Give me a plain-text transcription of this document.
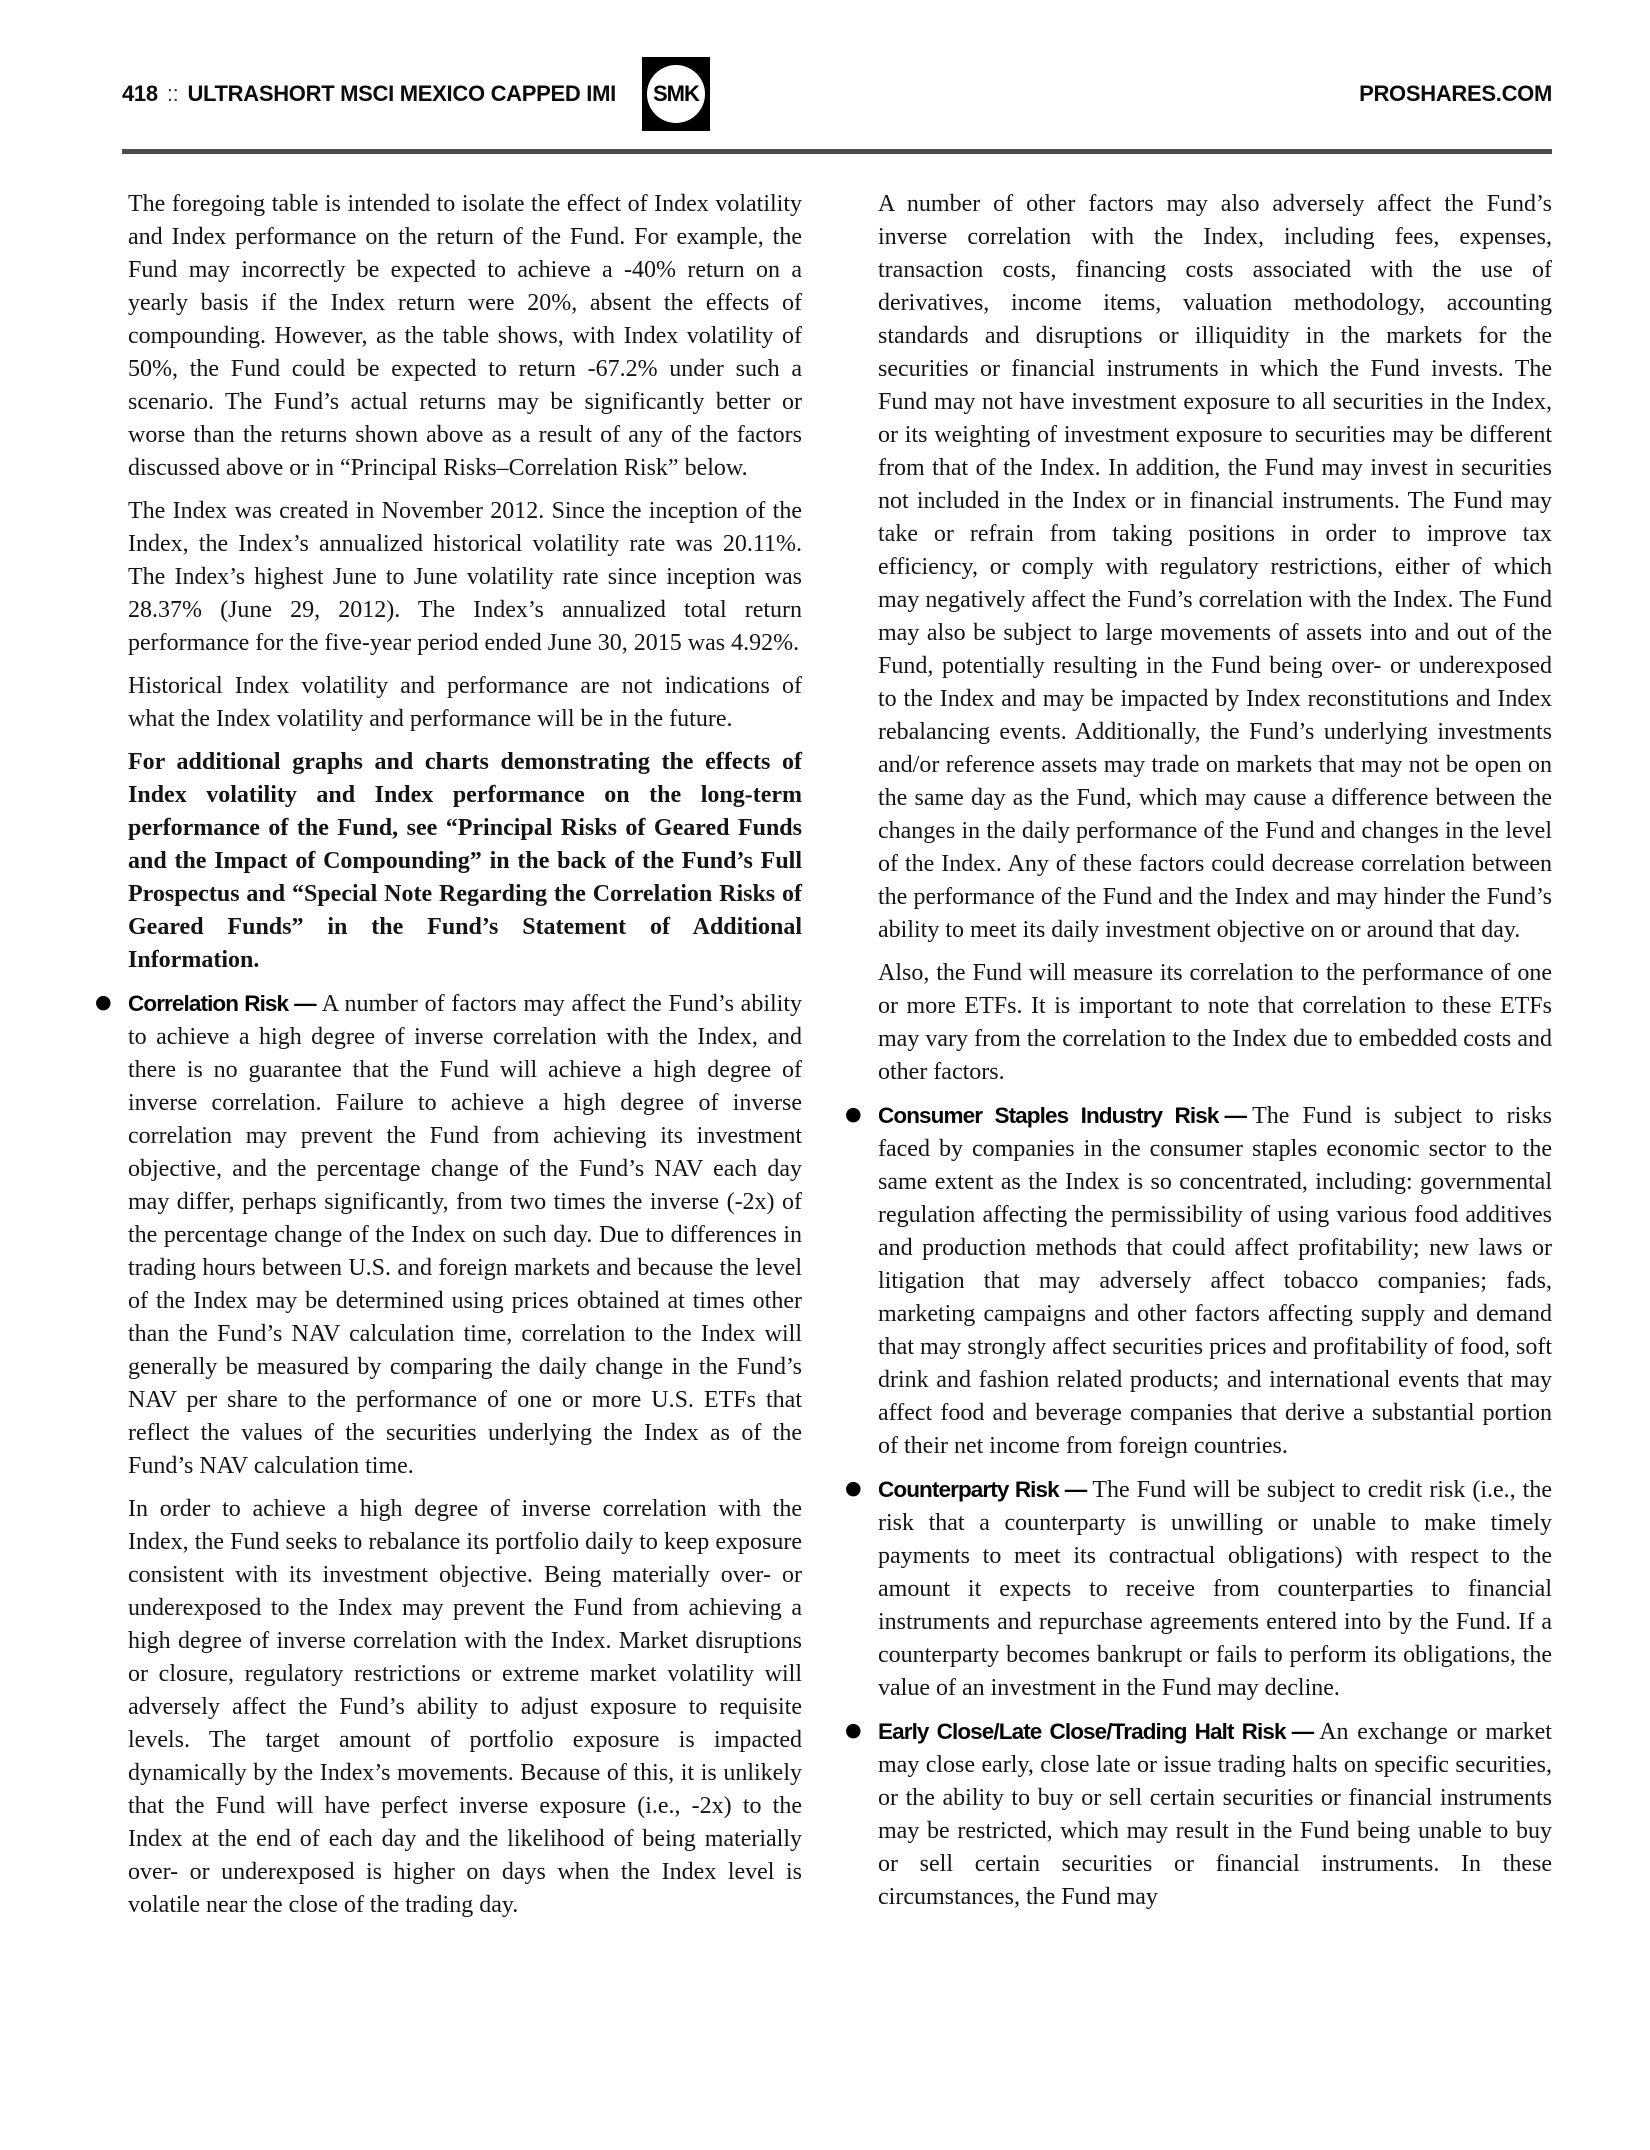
418 :: ULTRASHORT MSCI MEXICO CAPPED IMI SMK	PROSHARES.COM

The foregoing table is intended to isolate the effect of Index volatility and Index performance on the return of the Fund. For example, the Fund may incorrectly be expected to achieve a -40% return on a yearly basis if the Index return were 20%, absent the effects of compounding. However, as the table shows, with Index volatility of 50%, the Fund could be expected to return -67.2% under such a scenario. The Fund’s actual returns may be significantly better or worse than the returns shown above as a result of any of the factors discussed above or in “Principal Risks–Correlation Risk” below.

The Index was created in November 2012. Since the inception of the Index, the Index’s annualized historical volatility rate was 20.11%. The Index’s highest June to June volatility rate since inception was 28.37% (June 29, 2012). The Index’s annualized total return performance for the five-year period ended June 30, 2015 was 4.92%.

Historical Index volatility and performance are not indications of what the Index volatility and performance will be in the future.

For additional graphs and charts demonstrating the effects of Index volatility and Index performance on the long-term performance of the Fund, see “Principal Risks of Geared Funds and the Impact of Compounding” in the back of the Fund’s Full Prospectus and “Special Note Regarding the Correlation Risks of Geared Funds” in the Fund’s Statement of Additional Information.

● Correlation Risk — A number of factors may affect the Fund’s ability to achieve a high degree of inverse correlation with the Index, and there is no guarantee that the Fund will achieve a high degree of inverse correlation. Failure to achieve a high degree of inverse correlation may prevent the Fund from achieving its investment objective, and the percentage change of the Fund’s NAV each day may differ, perhaps significantly, from two times the inverse (-2x) of the percentage change of the Index on such day. Due to differences in trading hours between U.S. and foreign markets and because the level of the Index may be determined using prices obtained at times other than the Fund’s NAV calculation time, correlation to the Index will generally be measured by comparing the daily change in the Fund’s NAV per share to the performance of one or more U.S. ETFs that reflect the values of the securities underlying the Index as of the Fund’s NAV calculation time.

In order to achieve a high degree of inverse correlation with the Index, the Fund seeks to rebalance its portfolio daily to keep exposure consistent with its investment objective. Being materially over- or underexposed to the Index may prevent the Fund from achieving a high degree of inverse correlation with the Index. Market disruptions or closure, regulatory restrictions or extreme market volatility will adversely affect the Fund’s ability to adjust exposure to requisite levels. The target amount of portfolio exposure is impacted dynamically by the Index’s movements. Because of this, it is unlikely that the Fund will have perfect inverse exposure (i.e., -2x) to the Index at the end of each day and the likelihood of being materially over- or underexposed is higher on days when the Index level is volatile near the close of the trading day.

A number of other factors may also adversely affect the Fund’s inverse correlation with the Index, including fees, expenses, transaction costs, financing costs associated with the use of derivatives, income items, valuation methodology, accounting standards and disruptions or illiquidity in the markets for the securities or financial instruments in which the Fund invests. The Fund may not have investment exposure to all securities in the Index, or its weighting of investment exposure to securities may be different from that of the Index. In addition, the Fund may invest in securities not included in the Index or in financial instruments. The Fund may take or refrain from taking positions in order to improve tax efficiency, or comply with regulatory restrictions, either of which may negatively affect the Fund’s correlation with the Index. The Fund may also be subject to large movements of assets into and out of the Fund, potentially resulting in the Fund being over- or underexposed to the Index and may be impacted by Index reconstitutions and Index rebalancing events. Additionally, the Fund’s underlying investments and/or reference assets may trade on markets that may not be open on the same day as the Fund, which may cause a difference between the changes in the daily performance of the Fund and changes in the level of the Index. Any of these factors could decrease correlation between the performance of the Fund and the Index and may hinder the Fund’s ability to meet its daily investment objective on or around that day.

Also, the Fund will measure its correlation to the performance of one or more ETFs. It is important to note that correlation to these ETFs may vary from the correlation to the Index due to embedded costs and other factors.

● Consumer Staples Industry Risk — The Fund is subject to risks faced by companies in the consumer staples economic sector to the same extent as the Index is so concentrated, including: governmental regulation affecting the permissibility of using various food additives and production methods that could affect profitability; new laws or litigation that may adversely affect tobacco companies; fads, marketing campaigns and other factors affecting supply and demand that may strongly affect securities prices and profitability of food, soft drink and fashion related products; and international events that may affect food and beverage companies that derive a substantial portion of their net income from foreign countries.

● Counterparty Risk — The Fund will be subject to credit risk (i.e., the risk that a counterparty is unwilling or unable to make timely payments to meet its contractual obligations) with respect to the amount it expects to receive from counterparties to financial instruments and repurchase agreements entered into by the Fund. If a counterparty becomes bankrupt or fails to perform its obligations, the value of an investment in the Fund may decline.

● Early Close/Late Close/Trading Halt Risk — An exchange or market may close early, close late or issue trading halts on specific securities, or the ability to buy or sell certain securities or financial instruments may be restricted, which may result in the Fund being unable to buy or sell certain securities or financial instruments. In these circumstances, the Fund may
